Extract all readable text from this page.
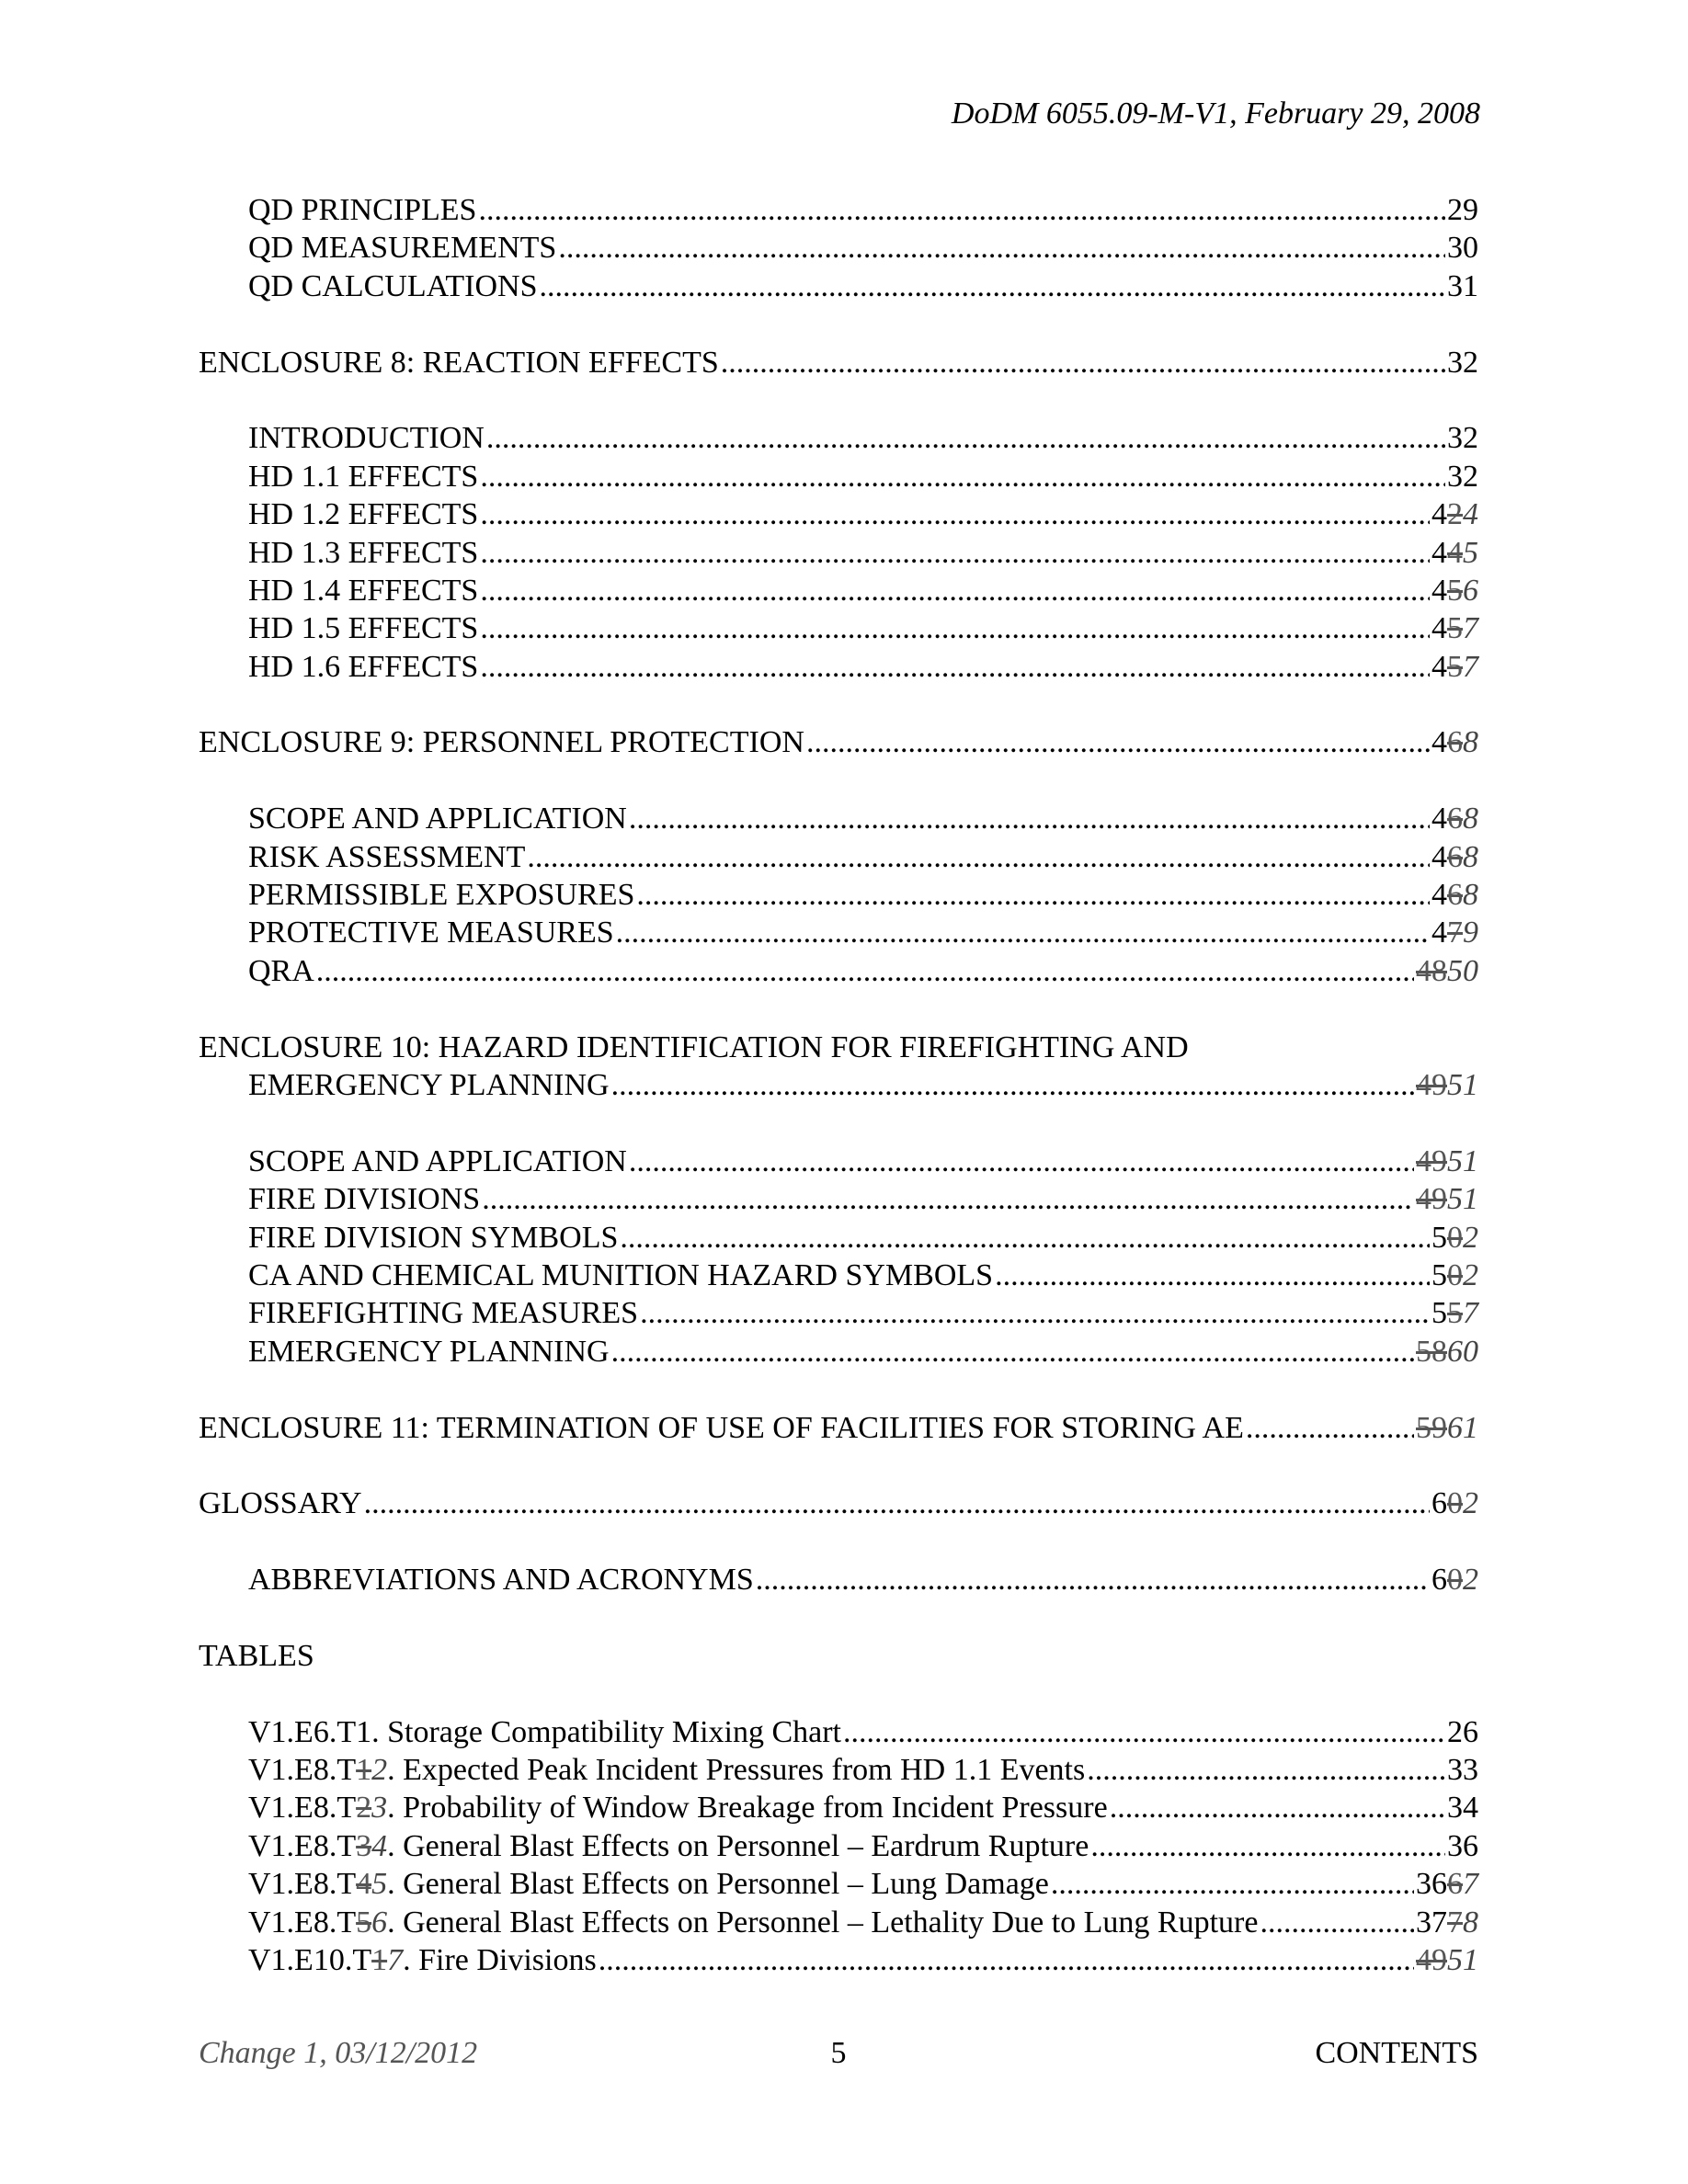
DoDM 6055.09-M-V1, February 29, 2008
QD PRINCIPLES .....	29
QD MEASUREMENTS .....	30
QD CALCULATIONS .....	31
ENCLOSURE 8: REACTION EFFECTS .....	32
INTRODUCTION .....	32
HD 1.1 EFFECTS .....	32
HD 1.2 EFFECTS .....	424
HD 1.3 EFFECTS .....	445
HD 1.4 EFFECTS .....	456
HD 1.5 EFFECTS .....	457
HD 1.6 EFFECTS .....	457
ENCLOSURE 9: PERSONNEL PROTECTION .....	468
SCOPE AND APPLICATION .....	468
RISK ASSESSMENT .....	468
PERMISSIBLE EXPOSURES .....	468
PROTECTIVE MEASURES .....	479
QRA .....	4850
ENCLOSURE 10: HAZARD IDENTIFICATION FOR FIREFIGHTING AND
EMERGENCY PLANNING .....	4951
SCOPE AND APPLICATION .....	4951
FIRE DIVISIONS .....	4951
FIRE DIVISION SYMBOLS .....	502
CA AND CHEMICAL MUNITION HAZARD SYMBOLS .....	502
FIREFIGHTING MEASURES .....	557
EMERGENCY PLANNING .....	5860
ENCLOSURE 11: TERMINATION OF USE OF FACILITIES FOR STORING AE .....	5961
GLOSSARY .....	602
ABBREVIATIONS AND ACRONYMS .....	602
TABLES
V1.E6.T1. Storage Compatibility Mixing Chart .....	26
V1.E8.T12. Expected Peak Incident Pressures from HD 1.1 Events .....	33
V1.E8.T23. Probability of Window Breakage from Incident Pressure .....	34
V1.E8.T34. General Blast Effects on Personnel – Eardrum Rupture .....	36
V1.E8.T45. General Blast Effects on Personnel – Lung Damage .....	3667
V1.E8.T56. General Blast Effects on Personnel – Lethality Due to Lung Rupture .....	3778
V1.E10.T17. Fire Divisions .....	4951
Change 1, 03/12/2012	5	CONTENTS
